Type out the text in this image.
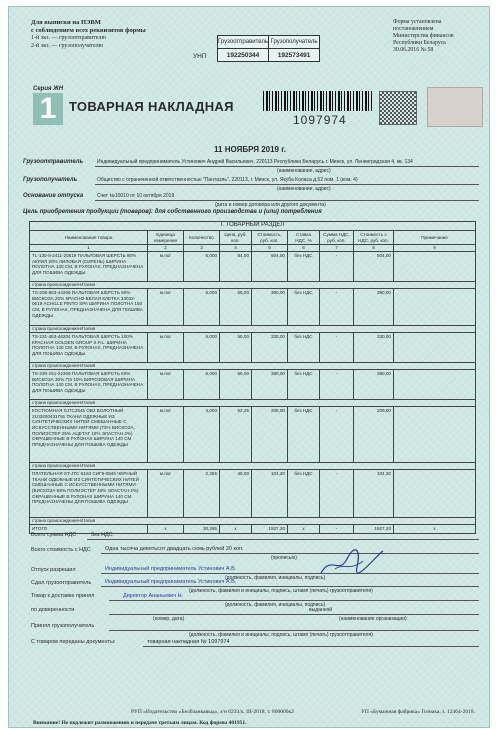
Для выписки на ПЭВМ
с соблюдением всех реквизитов формы
1-й экз. — грузоотправителю
2-й экз. — грузополучателю
Форма установлена
постановлением
Министерства финансов
Республики Беларусь
30.06.2016 № 58
УНП
Грузоотправитель	Грузополучатель
192250344	192573491
Серия ЖН
1 ТОВАРНАЯ НАКЛАДНАЯ
1097974
11 НОЯБРЯ 2019 г.
Грузоотправитель	Индивидуальный предприниматель Устинович Андрей Васильевич, 220113 Республика Беларусь г. Минск, ул. Ленинградская 4, кв. 134
(наименование, адрес)
Грузополучатель	Общество с ограниченной ответственностью "Пантаэль", 220113, г. Минск, ул. Якуба Коласа д.52 пом. 1 (ком. 4)
(наименование, адрес)
Основание отпуска	Счет №10010 от 10 октября 2019
(дата и номер договора или другого документа)
Цель приобретения продукции (товаров): для собственного производства и (или) потребления
I. ТОВАРНЫЙ РАЗДЕЛ								
Наименование товара	Единица измерения	Количество	Цена, руб. коп.	Стоимость, руб. коп.	Ставка НДС, %	Сумма НДС, руб. коп.	Стоимость с НДС, руб. коп.	Примечание
1	2	3	4	5	6	7	8	9
TL-130-8-2411-20819 ПАЛЬТОВАЯ ШЕРСТЬ 80% АКРИЛ 20% ЛИЛОВАЯ (СИРЕНЬ) ШИРИНА ПОЛОТНА 140 СМ, В РУЛОНАХ, ПРЕДНАЗНАЧЕНА ДЛЯ ПОШИВА ОДЕЖДЫ	м.пог	6,000	84,00	504,00	без НДС	-	504,00	
страна происхождения-Италия								
TS-205-863-44206 ПАЛЬТОВАЯ ШЕРСТЬ 80% ВИСКОЗА 20% КРАСНО-БЕЛАЯ КЛЕТКА 33032-0619 ACHILLE PINTO SPA ШИРИНА ПОЛОТНА 150 СМ, В РУЛОНАХ, ПРЕДНАЗНАЧЕНА ДЛЯ ПОШИВА ОДЕЖДЫ	м.пог	6,000	65,00	390,00	без НДС	-	390,00	
страна происхождения-Италия								
TS-231-453-46204 ПАЛЬТОВАЯ ШЕРСТЬ 100% КРАСНАЯ GOLDEN GROUP S.P.L. ШИРИНА ПОЛОТНА 140 СМ, В РУЛОНАХ, ПРЕДНАЗНАЧЕНА ДЛЯ ПОШИВА ОДЕЖДЫ	м.пог	6,000	55,00	330,00	без НДС	-	330,00	
страна происхождения-Италия								
TS-230-151-22309 ПАЛЬТОВАЯ ШЕРСТЬ 60% ВИСКОЗА 30% ПЭ 10% БИРЮЗОВАЯ ШИРИНА ПОЛОТНА 140 СМ, В РУЛОНАХ, ПРЕДНАЗНАЧЕНА ДЛЯ ПОШИВА ОДЕЖДЫ	м.пог	6,000	65,00	390,00	без НДС	-	390,00	
страна происхождения-Италия								
КОСТЮМНАЯ SJ7С2545 ОВ2 БОЛОТНЫЙ 2103200431791 ТКАНИ ОДЕЖНЫЕ ИЗ СИНТЕТИЧЕСКИХ НИТЕЙ СМЕШАННЫЕ С ИСКУССТВЕННЫМИ НИТЯМИ (73% ВИСКОЗА, ПОЛИЭСТЕР 25% АЦЕТАТ 10% ЭЛАСТАН 2%) ОКРАШЕННЫЕ В РУЛОНАХ ШИРИНА 140 СМ ПРЕДНАЗНАЧЕНЫ ДЛЯ ПОШИВА ОДЕЖДЫ	м.пог	4,000	52,25	209,00	без НДС	-	209,00	
страна происхождения-Италия								
ПЛАТЕЛЬНАЯ ST-JTC-5184 СИГ9-0846 ЧЕРНЫЙ ТКАНИ ОДЕЖНЫЕ ИЗ СИНТЕТИЧЕСКИХ НИТЕЙ СМЕШАННЫЕ С ИСКУССТВЕННЫМИ НИТЯМИ (ВИСКОЗА-58% ПОЛИЭСТЕР 40% ЭЛАСТАН-2%) ОКРАШЕННЫЕ В РУЛОНАХ ШИРИНА 140 СМ ПРЕДНАЗНАЧЕНЫ ДЛЯ ПОШИВА ОДЕЖДЫ	м.пог	2,265	46,00	104,20	без НДС	-	104,20	
страна происхождения-Италия								
ИТОГО	х	30,265	х	1927,20	х	-	1927,20	х
Всего сумма НДС	без НДС
Всего стоимость с НДС	Одна тысяча девятьсот двадцать семь рублей 20 коп.
(прописью)
Отпуск разрешил	Индивидуальный предприниматель Устинович А.В.
(должность, фамилия, инициалы, подпись)
Сдал грузоотправитель	Индивидуальный предприниматель Устинович А.В.
(должность, фамилия и инициалы, подпись, штамп (печать) грузоотправителя)
Товар к доставке принял	Директор Ананьевич Н.
(должность, фамилия, инициалы, подпись)
по доверенности	выданной
(номер, дата)	(наименование организации)
Принял грузополучатель
(должность, фамилия и инициалы, подпись, штамп (печать) грузоотправителя)
С товаром переданы документы:	товарная накладная № 1097974
РУП «Издательство «Белбланкавыд», з/н 0233/к, III-2018, т. 800000к2	УП «Бумажная фабрика» Гознака, з. 12464-2018.
Внимание! Не подлежит размножению и передаче третьим лицам. Код формы 401951.
